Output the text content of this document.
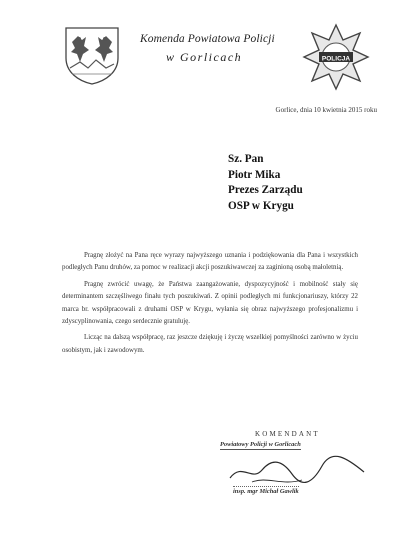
Komenda Powiatowa Policji
w Gorlicach	POLICJA
Gorlice, dnia 10 kwietnia 2015 roku
Sz. Pan
Piotr Mika
Prezes Zarządu
OSP w Krygu

Pragnę złożyć na Pana ręce wyrazy najwyższego uznania i podziękowania dla Pana i wszystkich podległych Panu druhów, za pomoc w realizacji akcji poszukiwawczej za zaginioną osobą małoletnią.

Pragnę zwrócić uwagę, że Państwa zaangażowanie, dyspozycyjność i mobilność stały się determinantem szczęśliwego finału tych poszukiwań. Z opinii podległych mi funkcjonariuszy, którzy 22 marca br. współpracowali z druhami OSP w Krygu, wyłania się obraz najwyższego profesjonalizmu i zdyscyplinowania, czego serdecznie gratuluję.

Licząc na dalszą współpracę, raz jeszcze dziękuję i życzę wszelkiej pomyślności zarówno w życiu osobistym, jak i zawodowym.

KOMENDANT
Powiatowy Policji w Gorlicach
insp. mgr Michał Gawlik
